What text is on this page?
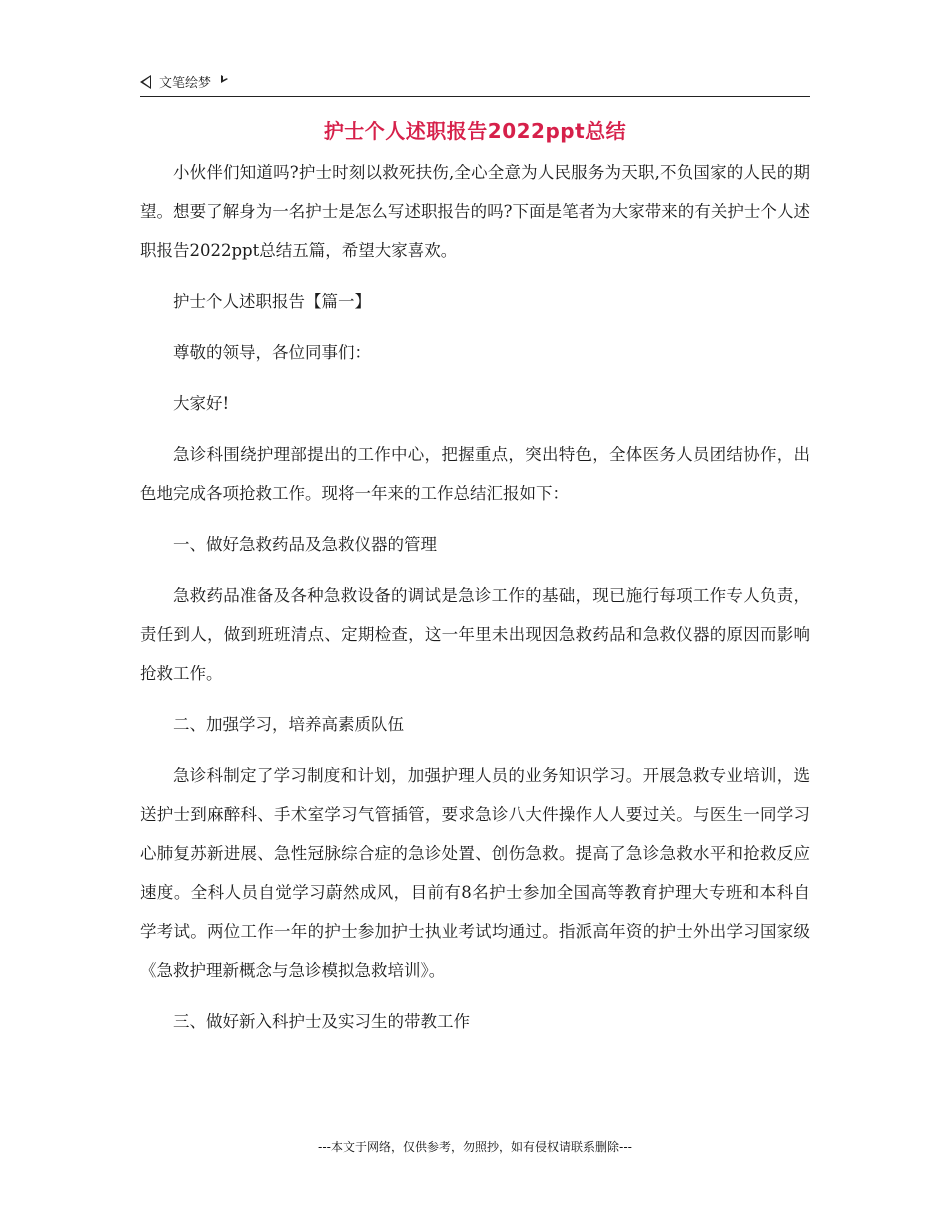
文笔绘梦
护士个人述职报告2022ppt总结

小伙伴们知道吗?护士时刻以救死扶伤,全心全意为人民服务为天职,不负国家的人民的期望。想要了解身为一名护士是怎么写述职报告的吗?下面是笔者为大家带来的有关护士个人述职报告2022ppt总结五篇，希望大家喜欢。

护士个人述职报告【篇一】

尊敬的领导，各位同事们：

大家好!

急诊科围绕护理部提出的工作中心，把握重点，突出特色，全体医务人员团结协作，出色地完成各项抢救工作。现将一年来的工作总结汇报如下：

一、做好急救药品及急救仪器的管理

急救药品准备及各种急救设备的调试是急诊工作的基础，现已施行每项工作专人负责，责任到人，做到班班清点、定期检查，这一年里未出现因急救药品和急救仪器的原因而影响抢救工作。

二、加强学习，培养高素质队伍

急诊科制定了学习制度和计划，加强护理人员的业务知识学习。开展急救专业培训，选送护士到麻醉科、手术室学习气管插管，要求急诊八大件操作人人要过关。与医生一同学习心肺复苏新进展、急性冠脉综合症的急诊处置、创伤急救。提高了急诊急救水平和抢救反应速度。全科人员自觉学习蔚然成风，目前有8名护士参加全国高等教育护理大专班和本科自学考试。两位工作一年的护士参加护士执业考试均通过。指派高年资的护士外出学习国家级《急救护理新概念与急诊模拟急救培训》。

三、做好新入科护士及实习生的带教工作

---本文于网络，仅供参考，勿照抄，如有侵权请联系删除---
